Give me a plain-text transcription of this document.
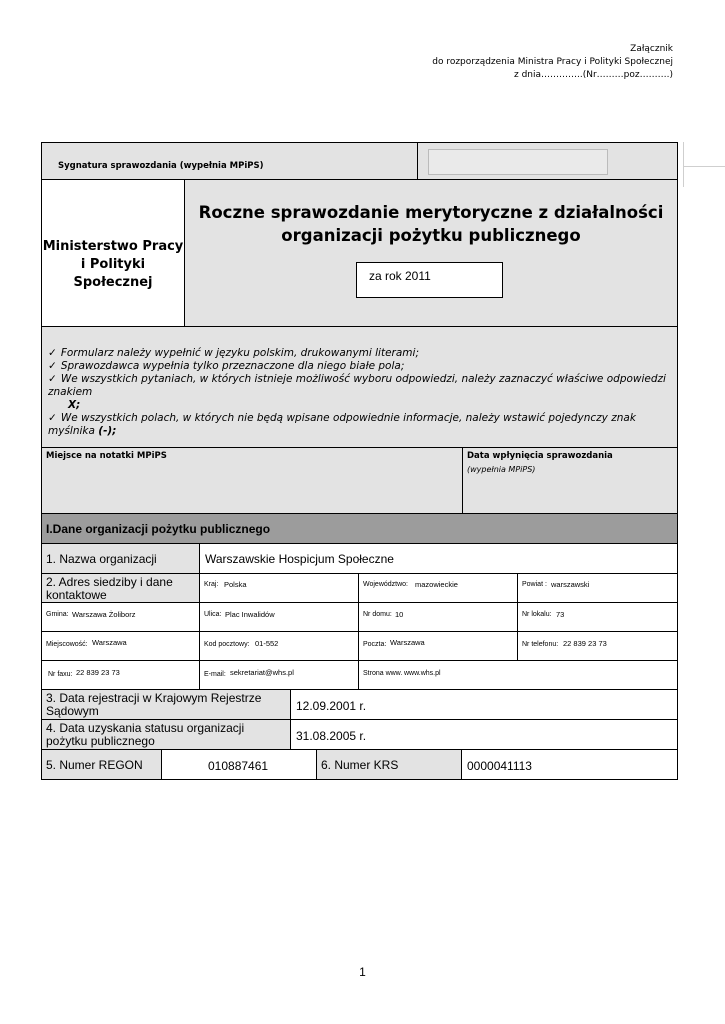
Załącznik
do rozporządzenia Ministra Pracy i Polityki Społecznej
z dnia…………..(Nr………poz……….)
Sygnatura sprawozdania (wypełnia MPiPS)
Ministerstwo Pracy
i Polityki Społecznej
Roczne sprawozdanie merytoryczne z działalności
organizacji pożytku publicznego
za rok 2011
✓ Formularz należy wypełnić w języku polskim, drukowanymi literami;
✓ Sprawozdawca wypełnia tylko przeznaczone dla niego białe pola;
✓ We wszystkich pytaniach, w których istnieje możliwość wyboru odpowiedzi, należy zaznaczyć właściwe odpowiedzi znakiem
X;
✓ We wszystkich polach, w których nie będą wpisane odpowiednie informacje, należy wstawić pojedynczy znak myślnika (-);
Miejsce na notatki MPiPS	Data wpłynięcia sprawozdania
(wypełnia MPiPS)
I.Dane organizacji pożytku publicznego
1. Nazwa organizacji	Warszawskie Hospicjum Społeczne
2. Adres siedziby i dane kontaktowe
Kraj: Polska	Województwo: mazowieckie	Powiat : warszawski
Gmina: Warszawa Żoliborz	Ulica: Plac Inwalidów	Nr domu: 10	Nr lokalu: 73
Miejscowość: Warszawa	Kod pocztowy: 01-552	Poczta: Warszawa	Nr telefonu: 22 839 23 73
Nr faxu: 22 839 23 73	E-mail: sekretariat@whs.pl	Strona www. www.whs.pl
3. Data rejestracji w Krajowym Rejestrze Sądowym	12.09.2001 r.
4. Data uzyskania statusu organizacji pożytku publicznego	31.08.2005 r.
5. Numer REGON	010887461	6. Numer KRS	0000041113
1
